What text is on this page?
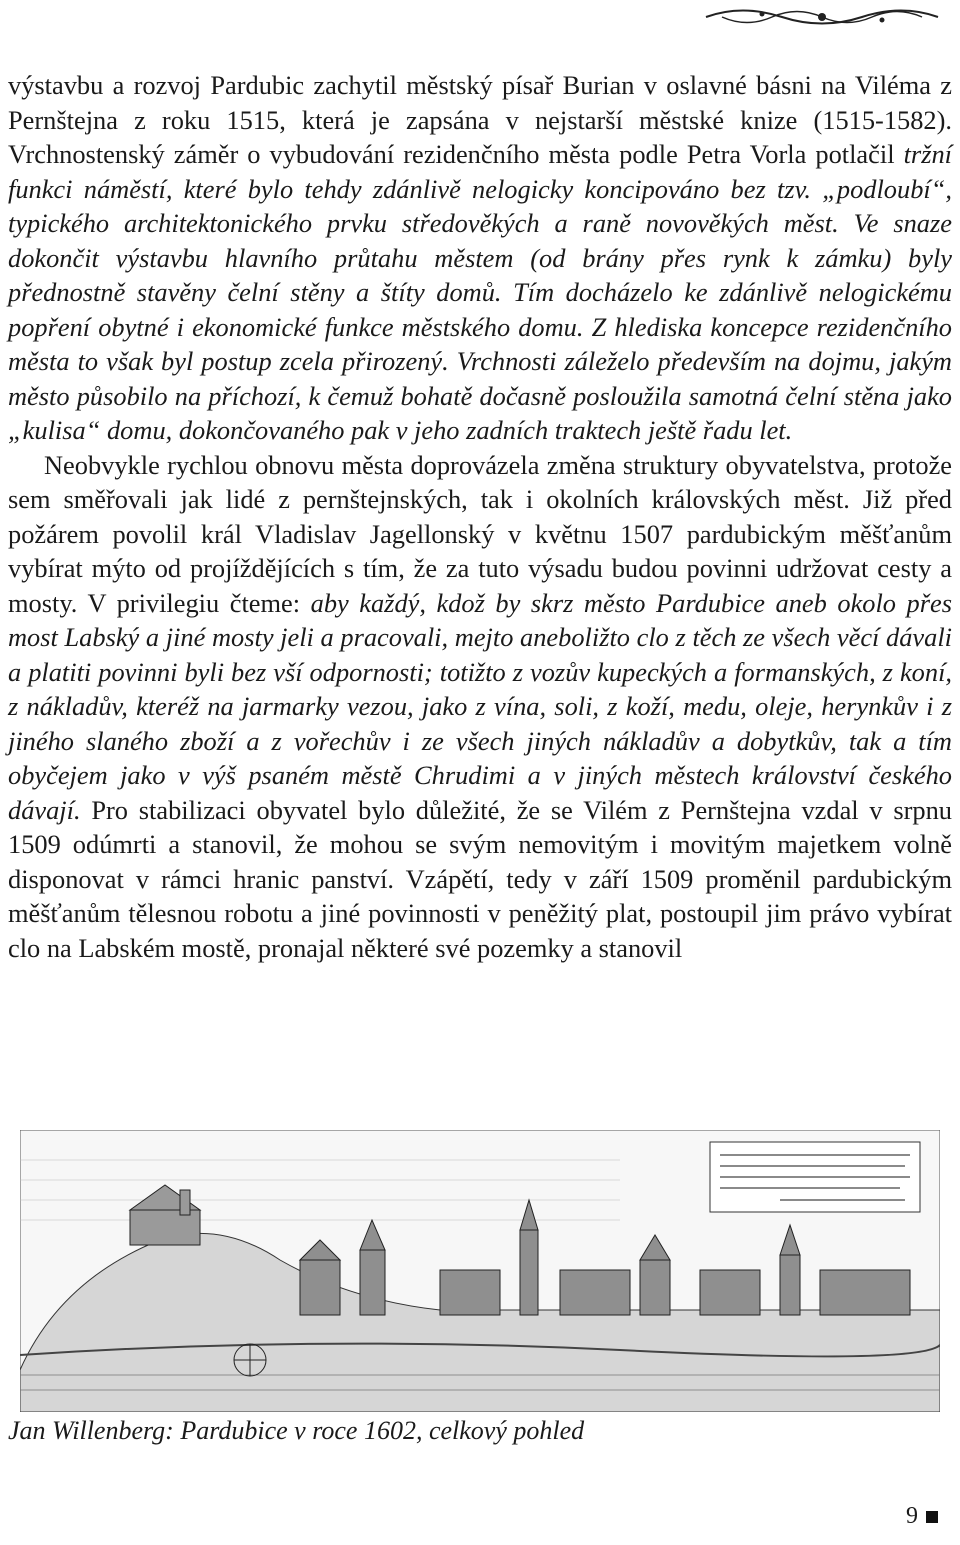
výstavbu a rozvoj Pardubic zachytil městský písař Burian v oslavné básni na Viléma z Pernštejna z roku 1515, která je zapsána v nejstarší městské knize (1515-1582). Vrchnostenský záměr o vybudování rezidenčního města podle Petra Vorla potlačil tržní funkci náměstí, které bylo tehdy zdánlivě nelogicky koncipováno bez tzv. „podloubí“, typického architektonického prvku středověkých a raně novověkých měst. Ve snaze dokončit výstavbu hlavního průtahu městem (od brány přes rynk k zámku) byly přednostně stavěny čelní stěny a štíty domů. Tím docházelo ke zdánlivě nelogickému popření obytné i ekonomické funkce městského domu. Z hlediska koncepce rezidenčního města to však byl postup zcela přirozený. Vrchnosti záleželo především na dojmu, jakým město působilo na příchozí, k čemuž bohatě dočasně posloužila samotná čelní stěna jako „kulisa“ domu, dokončovaného pak v jeho zadních traktech ještě řadu let.

Neobvykle rychlou obnovu města doprovázela změna struktury obyvatelstva, protože sem směřovali jak lidé z pernštejnských, tak i okolních královských měst. Již před požárem povolil král Vladislav Jagellonský v květnu 1507 pardubickým měšťanům vybírat mýto od projíždějících s tím, že za tuto výsadu budou povinni udržovat cesty a mosty. V privilegiu čteme: aby každý, kdož by skrz město Pardubice aneb okolo přes most Labský a jiné mosty jeli a pracovali, mejto aneboližto clo z těch ze všech věcí dávali a platiti povinni byli bez vší odpornosti; totižto z vozův kupeckých a formanských, z koní, z nákladův, kteréž na jarmarky vezou, jako z vína, soli, z koží, medu, oleje, herynkův i z jiného slaného zboží a z vořechův i ze všech jiných nákladův a dobytkův, tak a tím obyčejem jako v výš psaném městě Chrudimi a v jiných městech království českého dávají. Pro stabilizaci obyvatel bylo důležité, že se Vilém z Pernštejna vzdal v srpnu 1509 odúmrti a stanovil, že mohou se svým nemovitým i movitým majetkem volně disponovat v rámci hranic panství. Vzápětí, tedy v září 1509 proměnil pardubickým měšťanům tělesnou robotu a jiné povinnosti v peněžitý plat, postoupil jim právo vybírat clo na Labském mostě, pronajal některé své pozemky a stanovil

Jan Willenberg: Pardubice v roce 1602, celkový pohled
9
